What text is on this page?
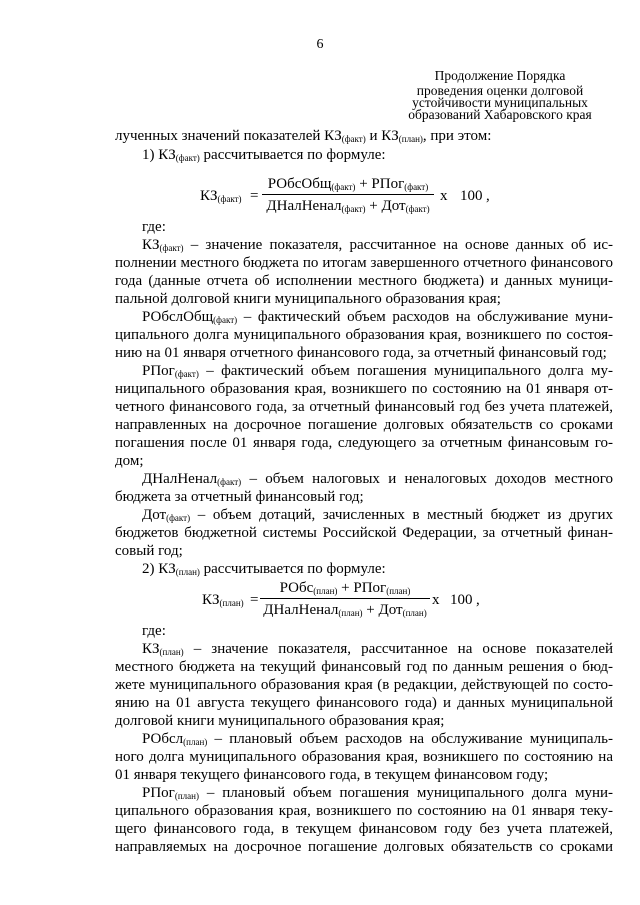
6
Продолжение Порядка
проведения оценки долговой
устойчивости муниципальных
образований Хабаровского края
лученных значений показателей $КЗ_{(факт)}$ и $КЗ_{(план)}$, при этом:
1) $КЗ_{(факт)}$ рассчитывается по формуле:
$КЗ_{(факт)}$ =
РОбсОбщ$_{(факт)}$ + РПог$_{(факт)}$
ДНалНенал$_{(факт)}$ + Дот$_{(факт)}$
х 100 ,
где:
$КЗ_{(факт)}$ – значение показателя, рассчитанное на основе данных об ис-
полнении местного бюджета по итогам завершенного отчетного финансового
года (данные отчета об исполнении местного бюджета) и данных муници-
пальной долговой книги муниципального образования края;
РОбслОбщ$_{(факт)}$ – фактический объем расходов на обслуживание муни-
ципального долга муниципального образования края, возникшего по состоя-
нию на 01 января отчетного финансового года, за отчетный финансовый год;
РПог$_{(факт)}$ – фактический объем погашения муниципального долга му-
ниципального образования края, возникшего по состоянию на 01 января от-
четного финансового года, за отчетный финансовый год без учета платежей,
направленных на досрочное погашение долговых обязательств со сроками
погашения после 01 января года, следующего за отчетным финансовым го-
дом;
ДНалНенал$_{(факт)}$ – объем налоговых и неналоговых доходов местного
бюджета за отчетный финансовый год;
Дот$_{(факт)}$ – объем дотаций, зачисленных в местный бюджет из других
бюджетов бюджетной системы Российской Федерации, за отчетный финан-
совый год;
2) $КЗ_{(план)}$ рассчитывается по формуле:
$КЗ_{(план)}$ =
РОбс$_{(план)}$ + РПог$_{(план)}$
ДНалНенал$_{(план)}$ + Дот$_{(план)}$
х 100 ,
где:
$КЗ_{(план)}$ – значение показателя, рассчитанное на основе показателей
местного бюджета на текущий финансовый год по данным решения о бюд-
жете муниципального образования края (в редакции, действующей по состо-
янию на 01 августа текущего финансового года) и данных муниципальной
долговой книги муниципального образования края;
РОбсл$_{(план)}$ – плановый объем расходов на обслуживание муниципаль-
ного долга муниципального образования края, возникшего по состоянию на
01 января текущего финансового года, в текущем финансовом году;
РПог$_{(план)}$ – плановый объем погашения муниципального долга муни-
ципального образования края, возникшего по состоянию на 01 января теку-
щего финансового года, в текущем финансовом году без учета платежей,
направляемых на досрочное погашение долговых обязательств со сроками
